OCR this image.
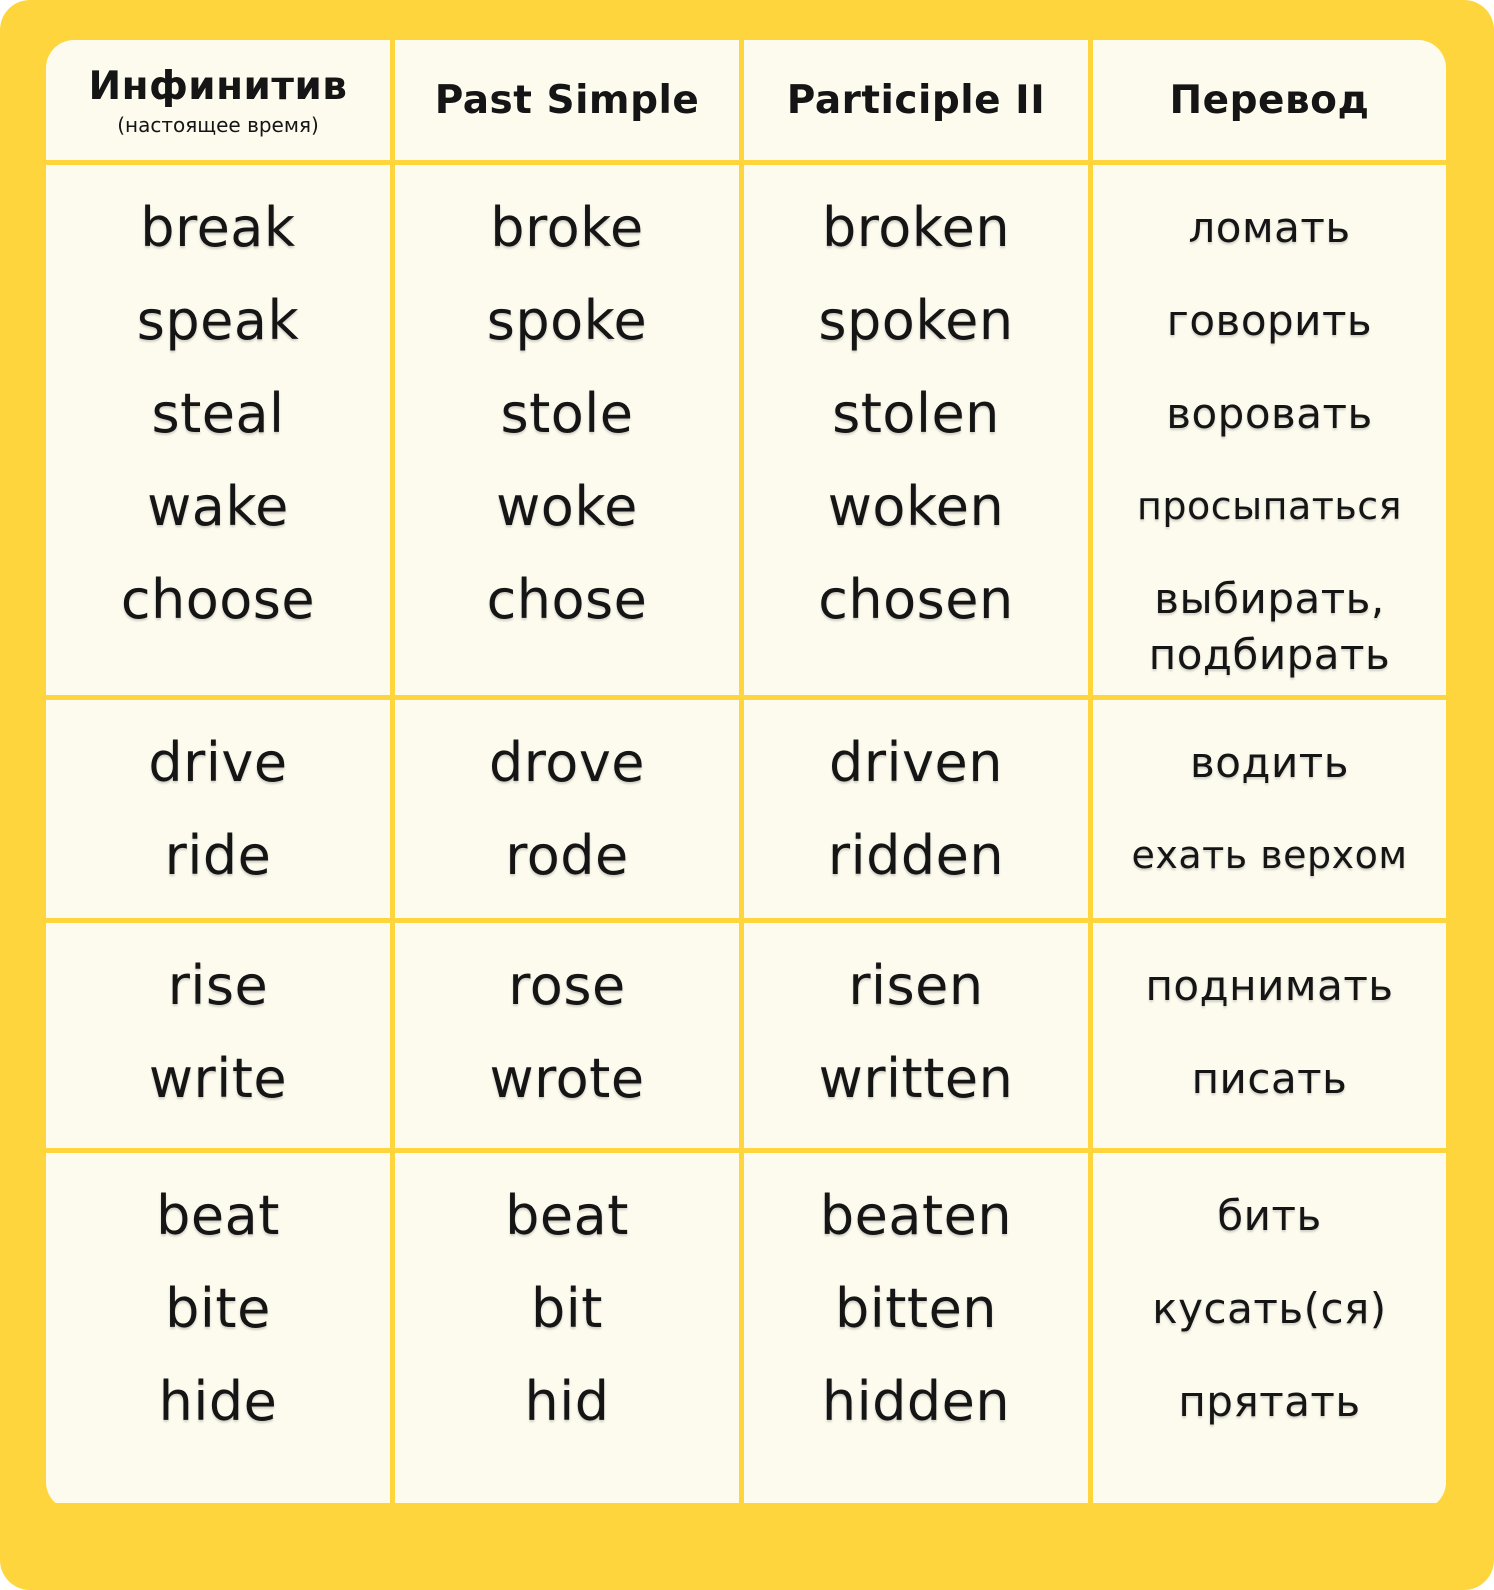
Инфинитив
(настоящее время)
Past Simple Participle II	Перевод
break
speak
steal
wake
choose
broke
spoke
stole
woke
chose
broken
spoken
stolen
woken
chosen
ломать
говорить
воровать
просыпаться
выбирать, подбирать
drive
ride
drove
rode
driven
ridden
водить
ехать верхом
rise
write
rose
wrote
risen
written
поднимать
писать
beat
bite
hide
beat
bit
hid
beaten
bitten
hidden
бить
кусать(ся)
прятать
